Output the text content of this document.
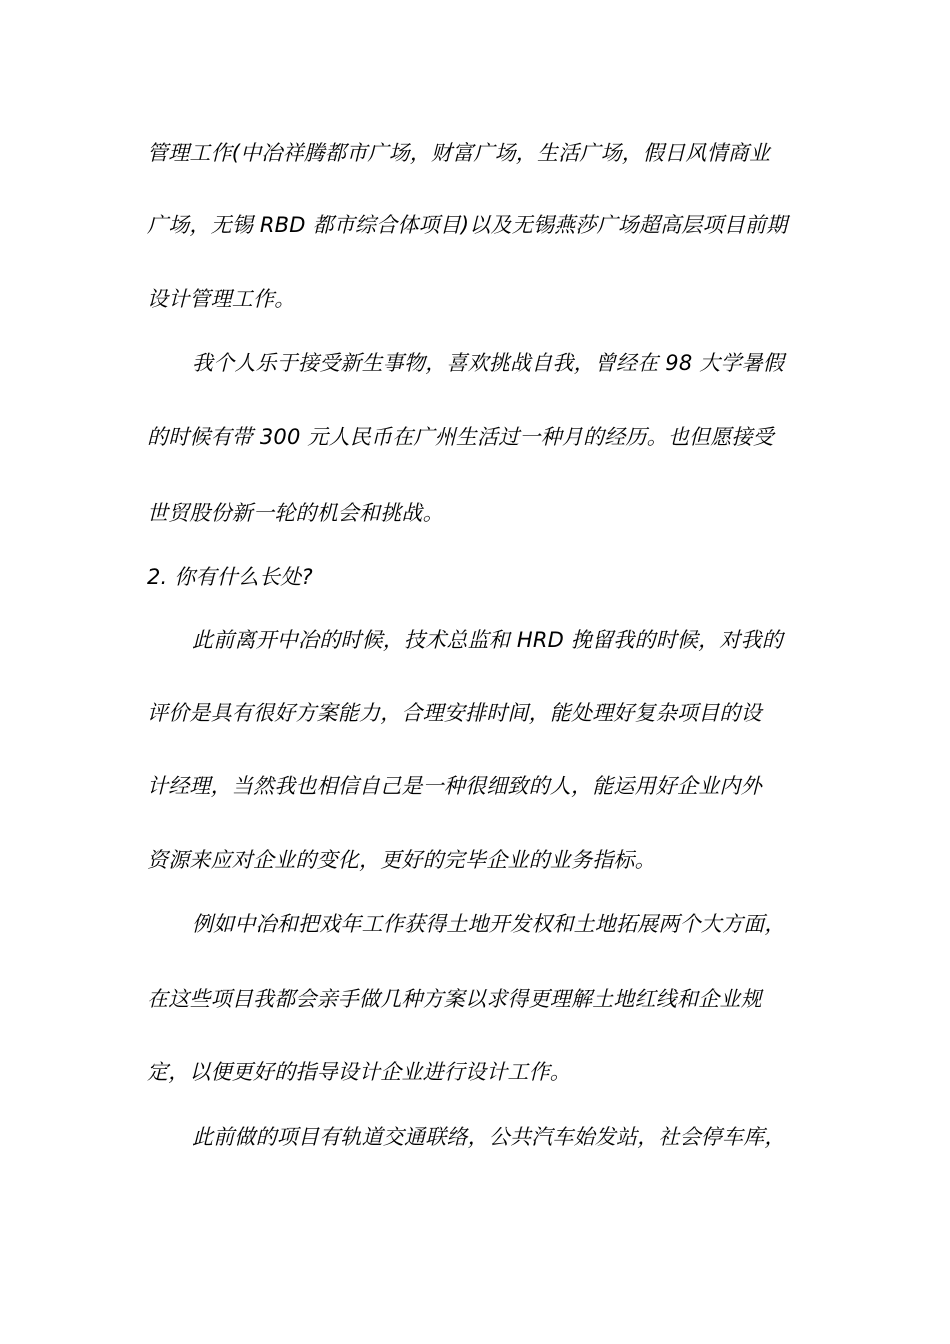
管理工作(中冶祥腾都市广场，财富广场，生活广场，假日风情商业
广场，无锡 RBD 都市综合体项目)以及无锡燕莎广场超高层项目前期
设计管理工作。
我个人乐于接受新生事物，喜欢挑战自我，曾经在 98 大学暑假
的时候有带 300 元人民币在广州生活过一种月的经历。也但愿接受
世贸股份新一轮的机会和挑战。
2. 你有什么长处?
此前离开中冶的时候，技术总监和 HRD 挽留我的时候，对我的
评价是具有很好方案能力，合理安排时间，能处理好复杂项目的设
计经理，当然我也相信自己是一种很细致的人，能运用好企业内外
资源来应对企业的变化，更好的完毕企业的业务指标。
例如中冶和把戏年工作获得土地开发权和土地拓展两个大方面，
在这些项目我都会亲手做几种方案以求得更理解土地红线和企业规
定，以便更好的指导设计企业进行设计工作。
此前做的项目有轨道交通联络，公共汽车始发站，社会停车库，
